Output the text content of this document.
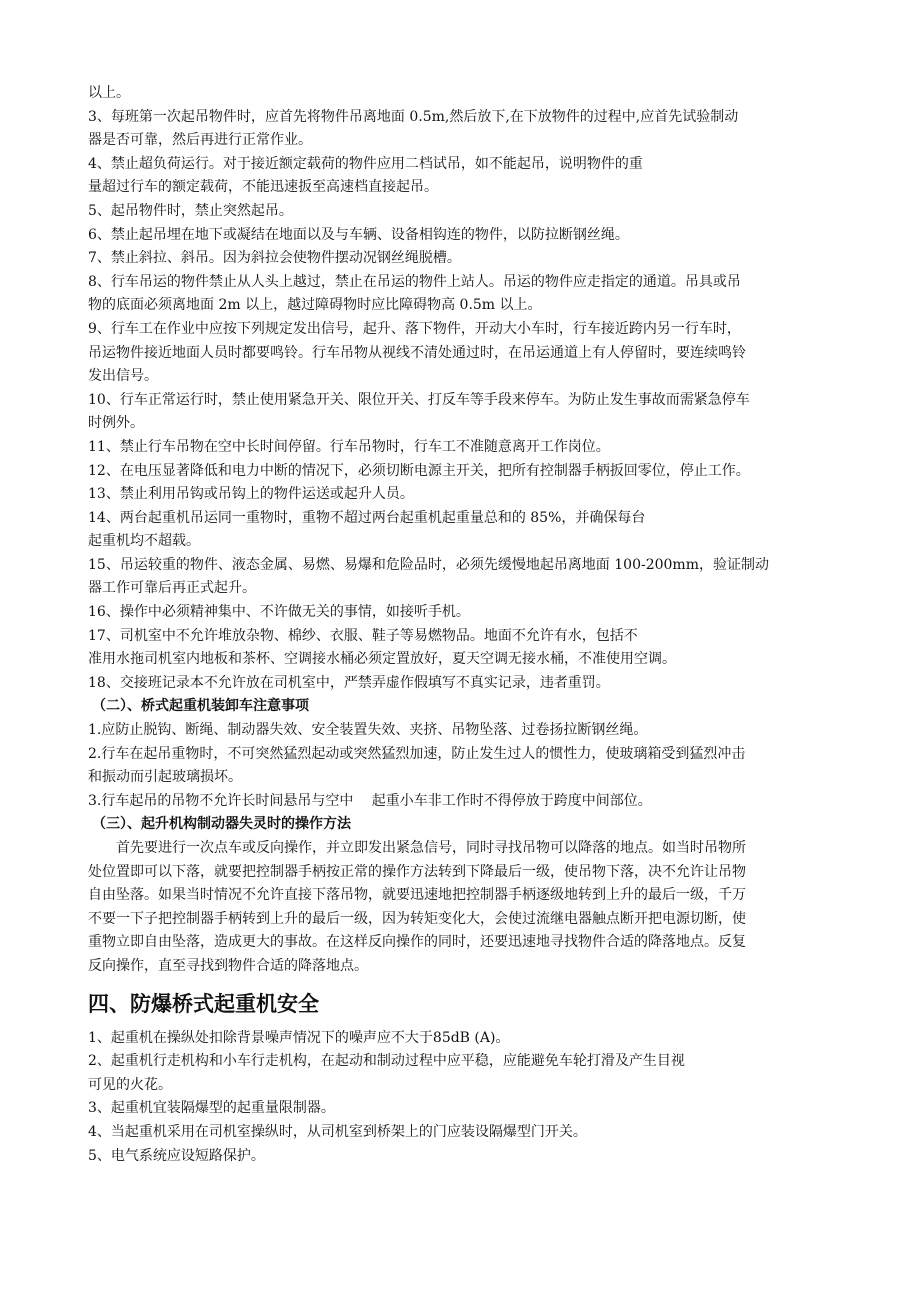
以上。
3、每班第一次起吊物件时，应首先将物件吊离地面 0.5m,然后放下,在下放物件的过程中,应首先试验制动
器是否可靠，然后再进行正常作业。
4、禁止超负荷运行。对于接近额定载荷的物件应用二档试吊，如不能起吊，说明物件的重
量超过行车的额定载荷，不能迅速扳至高速档直接起吊。
5、起吊物件时，禁止突然起吊。
6、禁止起吊埋在地下或凝结在地面以及与车辆、设备相钩连的物件，以防拉断钢丝绳。
7、禁止斜拉、斜吊。因为斜拉会使物件摆动况钢丝绳脱槽。
8、行车吊运的物件禁止从人头上越过，禁止在吊运的物件上站人。吊运的物件应走指定的通道。吊具或吊
物的底面必须离地面 2m 以上，越过障碍物时应比障碍物高 0.5m 以上。
9、行车工在作业中应按下列规定发出信号，起升、落下物件，开动大小车时，行车接近跨内另一行车时，
吊运物件接近地面人员时都要鸣铃。行车吊物从视线不清处通过时，在吊运通道上有人停留时，要连续鸣铃
发出信号。
10、行车正常运行时，禁止使用紧急开关、限位开关、打反车等手段来停车。为防止发生事故而需紧急停车
时例外。
11、禁止行车吊物在空中长时间停留。行车吊物时，行车工不准随意离开工作岗位。
12、在电压显著降低和电力中断的情况下，必须切断电源主开关，把所有控制器手柄扳回零位，停止工作。
13、禁止利用吊钩或吊钩上的物件运送或起升人员。
14、两台起重机吊运同一重物时，重物不超过两台起重机起重量总和的 85%，并确保每台
起重机均不超载。
15、吊运较重的物件、液态金属、易燃、易爆和危险品时，必须先缓慢地起吊离地面 100-200mm，验证制动
器工作可靠后再正式起升。
16、操作中必须精神集中、不许做无关的事情，如接听手机。
17、司机室中不允许堆放杂物、棉纱、衣服、鞋子等易燃物品。地面不允许有水，包括不
准用水拖司机室内地板和茶杯、空调接水桶必须定置放好，夏天空调无接水桶，不准使用空调。
18、交接班记录本不允许放在司机室中，严禁弄虚作假填写不真实记录，违者重罚。
（二）、桥式起重机装卸车注意事项
1.应防止脱钩、断绳、制动器失效、安全装置失效、夹挤、吊物坠落、过卷扬拉断钢丝绳。
2.行车在起吊重物时，不可突然猛烈起动或突然猛烈加速，防止发生过人的惯性力，使玻璃箱受到猛烈冲击
和振动而引起玻璃损坏。
3.行车起吊的吊物不允许长时间悬吊与空中　 起重小车非工作时不得停放于跨度中间部位。
（三）、起升机构制动器失灵时的操作方法
首先要进行一次点车或反向操作，并立即发出紧急信号，同时寻找吊物可以降落的地点。如当时吊物所
处位置即可以下落，就要把控制器手柄按正常的操作方法转到下降最后一级，使吊物下落，决不允许让吊物
自由坠落。如果当时情况不允许直接下落吊物，就要迅速地把控制器手柄逐级地转到上升的最后一级，千万
不要一下子把控制器手柄转到上升的最后一级，因为转矩变化大，会使过流继电器触点断开把电源切断，使
重物立即自由坠落，造成更大的事故。在这样反向操作的同时，还要迅速地寻找物件合适的降落地点。反复
反向操作，直至寻找到物件合适的降落地点。
四、防爆桥式起重机安全
1、起重机在操纵处扣除背景噪声情况下的噪声应不大于85dB (A)。
2、起重机行走机构和小车行走机构，在起动和制动过程中应平稳，应能避免车轮打滑及产生目视
可见的火花。
3、起重机宜装隔爆型的起重量限制器。
4、当起重机采用在司机室操纵时，从司机室到桥架上的门应装设隔爆型门开关。
5、电气系统应设短路保护。
